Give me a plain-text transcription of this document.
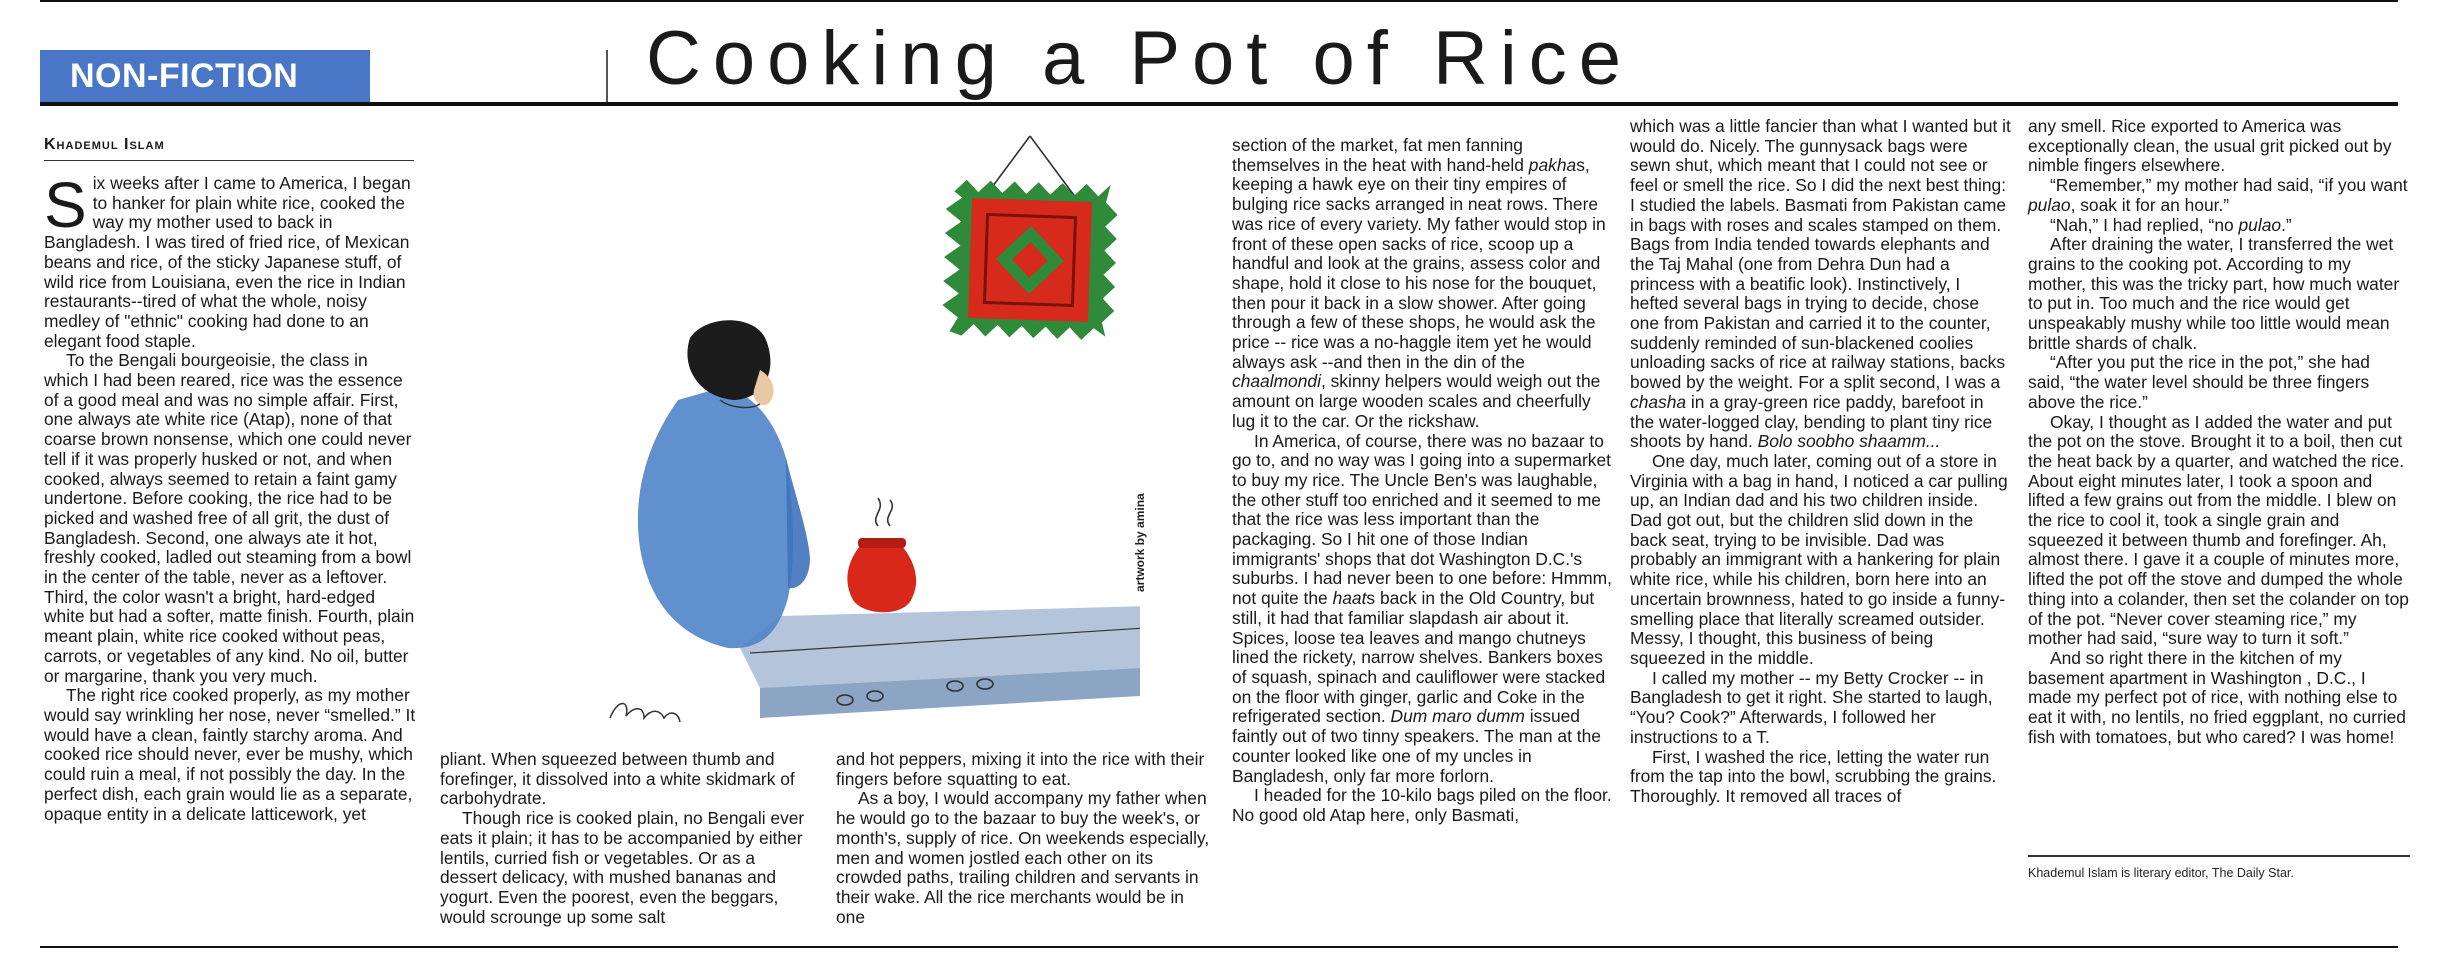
NON-FICTION	Cooking a Pot of Rice
Khademul Islam

Six weeks after I came to America, I began to hanker for plain white rice, cooked the way my mother used to back in Bangladesh. I was tired of fried rice, of Mexican beans and rice, of the sticky Japanese stuff, of wild rice from Louisiana, even the rice in Indian restaurants--tired of what the whole, noisy medley of "ethnic" cooking had done to an elegant food staple.

To the Bengali bourgeoisie, the class in which I had been reared, rice was the essence of a good meal and was no simple affair. First, one always ate white rice (Atap), none of that coarse brown nonsense, which one could never tell if it was properly husked or not, and when cooked, always seemed to retain a faint gamy undertone. Before cooking, the rice had to be picked and washed free of all grit, the dust of Bangladesh. Second, one always ate it hot, freshly cooked, ladled out steaming from a bowl in the center of the table, never as a leftover. Third, the color wasn't a bright, hard-edged white but had a softer, matte finish. Fourth, plain meant plain, white rice cooked without peas, carrots, or vegetables of any kind. No oil, butter or margarine, thank you very much.

The right rice cooked properly, as my mother would say wrinkling her nose, never “smelled.” It would have a clean, faintly starchy aroma. And cooked rice should never, ever be mushy, which could ruin a meal, if not possibly the day. In the perfect dish, each grain would lie as a separate, opaque entity in a delicate latticework, yet

artwork by amina

pliant. When squeezed between thumb and forefinger, it dissolved into a white skidmark of carbohydrate.

Though rice is cooked plain, no Bengali ever eats it plain; it has to be accompanied by either lentils, curried fish or vegetables. Or as a dessert delicacy, with mushed bananas and yogurt. Even the poorest, even the beggars, would scrounge up some salt

and hot peppers, mixing it into the rice with their fingers before squatting to eat.

As a boy, I would accompany my father when he would go to the bazaar to buy the week's, or month's, supply of rice. On weekends especially, men and women jostled each other on its crowded paths, trailing children and servants in their wake. All the rice merchants would be in one

section of the market, fat men fanning themselves in the heat with hand-held pakhas, keeping a hawk eye on their tiny empires of bulging rice sacks arranged in neat rows. There was rice of every variety. My father would stop in front of these open sacks of rice, scoop up a handful and look at the grains, assess color and shape, hold it close to his nose for the bouquet, then pour it back in a slow shower. After going through a few of these shops, he would ask the price -- rice was a no-haggle item yet he would always ask --and then in the din of the chaalmondi, skinny helpers would weigh out the amount on large wooden scales and cheerfully lug it to the car. Or the rickshaw.

In America, of course, there was no bazaar to go to, and no way was I going into a supermarket to buy my rice. The Uncle Ben's was laughable, the other stuff too enriched and it seemed to me that the rice was less important than the packaging. So I hit one of those Indian immigrants' shops that dot Washington D.C.'s suburbs. I had never been to one before: Hmmm, not quite the haats back in the Old Country, but still, it had that familiar slapdash air about it. Spices, loose tea leaves and mango chutneys lined the rickety, narrow shelves. Bankers boxes of squash, spinach and cauliflower were stacked on the floor with ginger, garlic and Coke in the refrigerated section. Dum maro dumm issued faintly out of two tinny speakers. The man at the counter looked like one of my uncles in Bangladesh, only far more forlorn.

I headed for the 10-kilo bags piled on the floor. No good old Atap here, only Basmati,

which was a little fancier than what I wanted but it would do. Nicely. The gunnysack bags were sewn shut, which meant that I could not see or feel or smell the rice. So I did the next best thing: I studied the labels. Basmati from Pakistan came in bags with roses and scales stamped on them. Bags from India tended towards elephants and the Taj Mahal (one from Dehra Dun had a princess with a beatific look). Instinctively, I hefted several bags in trying to decide, chose one from Pakistan and carried it to the counter, suddenly reminded of sun-blackened coolies unloading sacks of rice at railway stations, backs bowed by the weight. For a split second, I was a chasha in a gray-green rice paddy, barefoot in the water-logged clay, bending to plant tiny rice shoots by hand. Bolo soobho shaamm...

One day, much later, coming out of a store in Virginia with a bag in hand, I noticed a car pulling up, an Indian dad and his two children inside. Dad got out, but the children slid down in the back seat, trying to be invisible. Dad was probably an immigrant with a hankering for plain white rice, while his children, born here into an uncertain brownness, hated to go inside a funny-smelling place that literally screamed outsider. Messy, I thought, this business of being squeezed in the middle.

I called my mother -- my Betty Crocker -- in Bangladesh to get it right. She started to laugh, “You? Cook?” Afterwards, I followed her instructions to a T.

First, I washed the rice, letting the water run from the tap into the bowl, scrubbing the grains. Thoroughly. It removed all traces of

any smell. Rice exported to America was exceptionally clean, the usual grit picked out by nimble fingers elsewhere.

“Remember,” my mother had said, “if you want pulao, soak it for an hour.”

“Nah,” I had replied, “no pulao.”

After draining the water, I transferred the wet grains to the cooking pot. According to my mother, this was the tricky part, how much water to put in. Too much and the rice would get unspeakably mushy while too little would mean brittle shards of chalk.

“After you put the rice in the pot,” she had said, “the water level should be three fingers above the rice.”

Okay, I thought as I added the water and put the pot on the stove. Brought it to a boil, then cut the heat back by a quarter, and watched the rice. About eight minutes later, I took a spoon and lifted a few grains out from the middle. I blew on the rice to cool it, took a single grain and squeezed it between thumb and forefinger. Ah, almost there. I gave it a couple of minutes more, lifted the pot off the stove and dumped the whole thing into a colander, then set the colander on top of the pot. “Never cover steaming rice,” my mother had said, “sure way to turn it soft.”

And so right there in the kitchen of my basement apartment in Washington , D.C., I made my perfect pot of rice, with nothing else to eat it with, no lentils, no fried eggplant, no curried fish with tomatoes, but who cared? I was home!

Khademul Islam is literary editor, The Daily Star.
